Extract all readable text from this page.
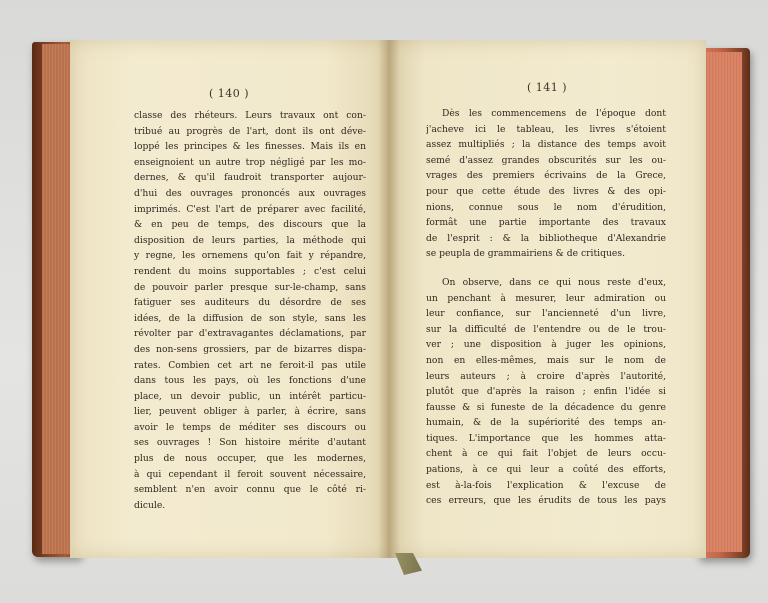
( 140 )
classe des rhéteurs. Leurs travaux ont con-
tribué au progrès de l'art, dont ils ont déve-
loppé les principes & les finesses. Mais ils en
enseignoient un autre trop négligé par les mo-
dernes, & qu'il faudroit transporter aujour-
d'hui des ouvrages prononcés aux ouvrages
imprimés. C'est l'art de préparer avec facilité,
& en peu de temps, des discours que la
disposition de leurs parties, la méthode qui
y regne, les ornemens qu'on fait y répandre,
rendent du moins supportables ; c'est celui
de pouvoir parler presque sur-le-champ, sans
fatiguer ses auditeurs du désordre de ses
idées, de la diffusion de son style, sans les
révolter par d'extravagantes déclamations, par
des non-sens grossiers, par de bizarres dispa-
rates. Combien cet art ne feroit-il pas utile
dans tous les pays, où les fonctions d'une
place, un devoir public, un intérêt particu-
lier, peuvent obliger à parler, à écrire, sans
avoir le temps de méditer ses discours ou
ses ouvrages ! Son histoire mérite d'autant
plus de nous occuper, que les modernes,
à qui cependant il feroit souvent nécessaire,
semblent n'en avoir connu que le côté ri-
dicule.
( 141 )
Dès les commencemens de l'époque dont
j'acheve ici le tableau, les livres s'étoient
assez multipliés ; la distance des temps avoit
semé d'assez grandes obscurités sur les ou-
vrages des premiers écrivains de la Grece,
pour que cette étude des livres & des opi-
nions, connue sous le nom d'érudition,
formât une partie importante des travaux
de l'esprit : & la bibliotheque d'Alexandrie
se peupla de grammairiens & de critiques.
On observe, dans ce qui nous reste d'eux,
un penchant à mesurer, leur admiration ou
leur confiance, sur l'ancienneté d'un livre,
sur la difficulté de l'entendre ou de le trou-
ver ; une disposition à juger les opinions,
non en elles-mêmes, mais sur le nom de
leurs auteurs ; à croire d'après l'autorité,
plutôt que d'après la raison ; enfin l'idée si
fausse & si funeste de la décadence du genre
humain, & de la supériorité des temps an-
tiques. L'importance que les hommes atta-
chent à ce qui fait l'objet de leurs occu-
pations, à ce qui leur a coûté des efforts,
est à-la-fois l'explication & l'excuse de
ces erreurs, que les érudits de tous les pays
